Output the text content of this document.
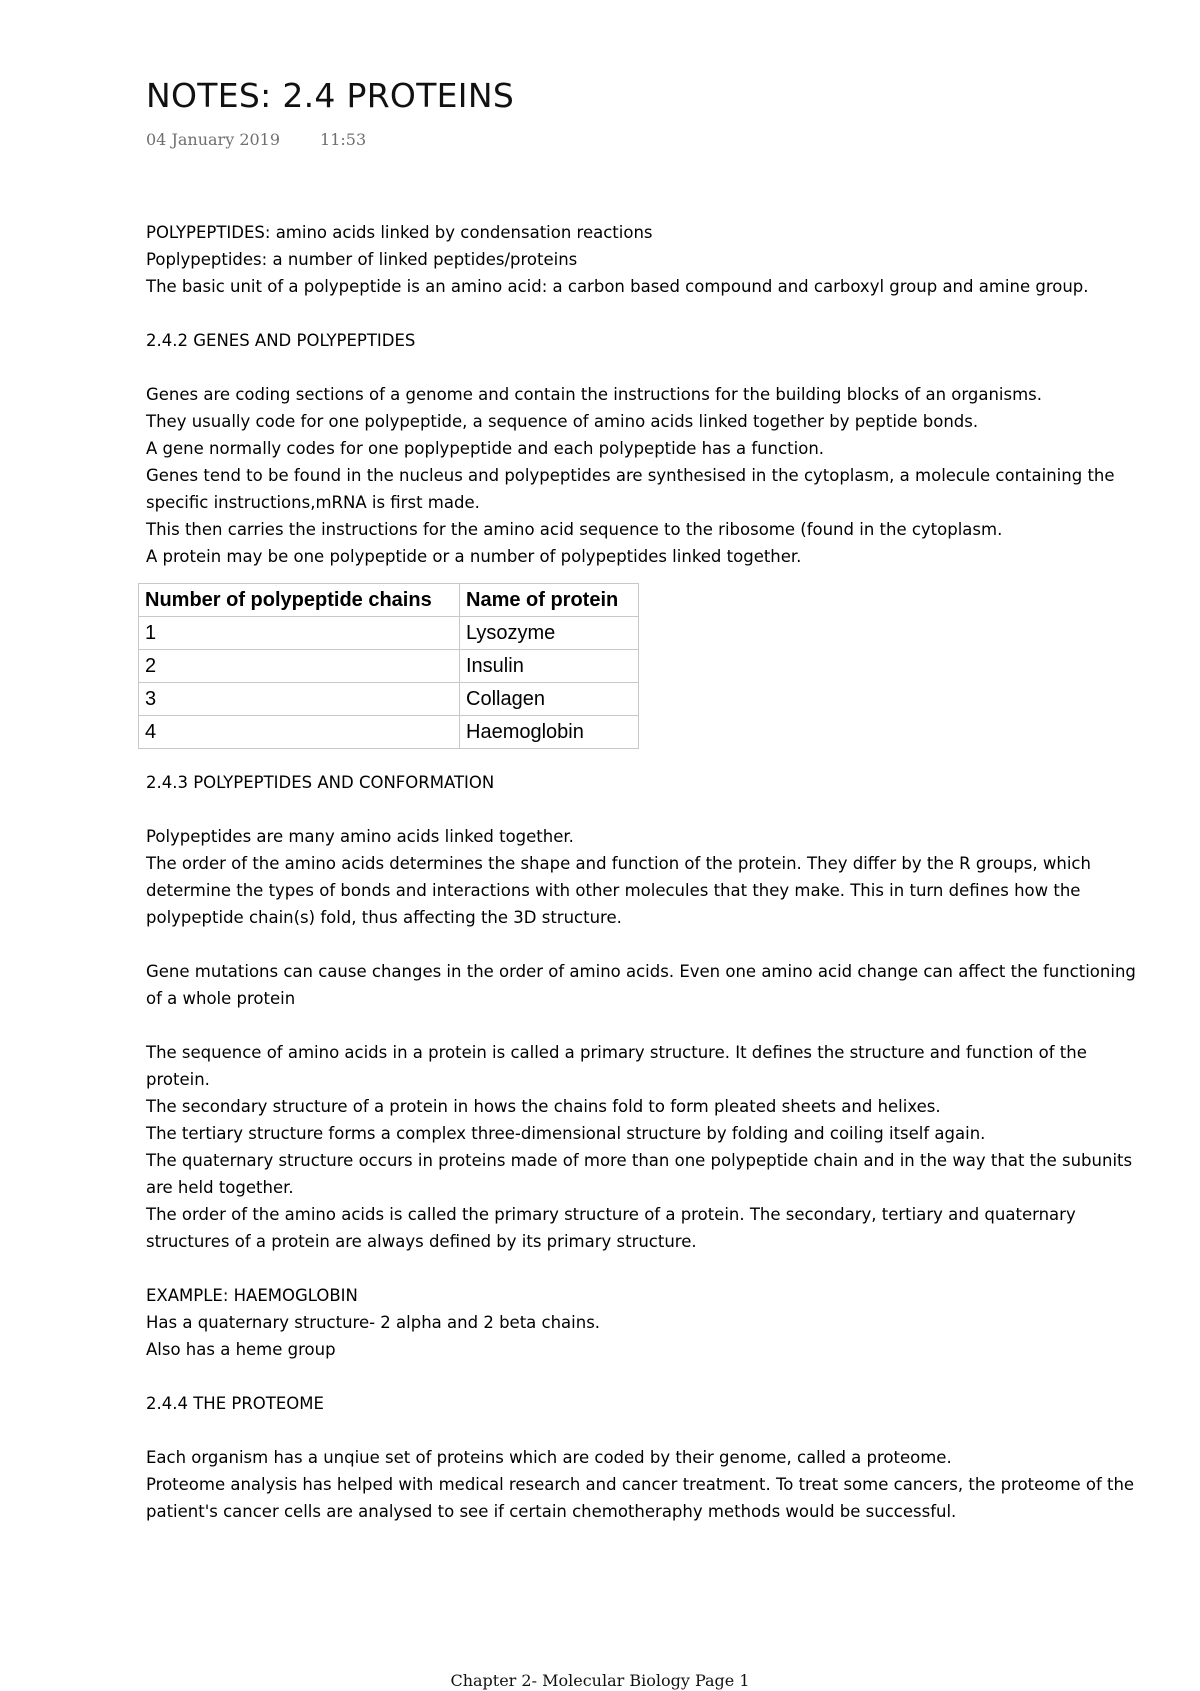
NOTES: 2.4 PROTEINS
04 January 2019	11:53

POLYPEPTIDES: amino acids linked by condensation reactions

Poplypeptides: a number of linked peptides/proteins

The basic unit of a polypeptide is an amino acid: a carbon based compound and carboxyl group and amine group.

2.4.2 GENES AND POLYPEPTIDES

Genes are coding sections of a genome and contain the instructions for the building blocks of an organisms.

They usually code for one polypeptide, a sequence of amino acids linked together by peptide bonds.

A gene normally codes for one poplypeptide and each polypeptide has a function.

Genes tend to be found in the nucleus and polypeptides are synthesised in the cytoplasm, a molecule containing the specific instructions,mRNA is first made.

This then carries the instructions for the amino acid sequence to the ribosome (found in the cytoplasm.

A protein may be one polypeptide or a number of polypeptides linked together.

Number of polypeptide chains	Name of protein
1	Lysozyme
2	Insulin
3	Collagen
4	Haemoglobin

2.4.3 POLYPEPTIDES AND CONFORMATION

Polypeptides are many amino acids linked together.

The order of the amino acids determines the shape and function of the protein. They differ by the R groups, which determine the types of bonds and interactions with other molecules that they make. This in turn defines how the polypeptide chain(s) fold, thus affecting the 3D structure.

Gene mutations can cause changes in the order of amino acids. Even one amino acid change can affect the functioning of a whole protein

The sequence of amino acids in a protein is called a primary structure. It defines the structure and function of the protein.

The secondary structure of a protein in hows the chains fold to form pleated sheets and helixes.

The tertiary structure forms a complex three-dimensional structure by folding and coiling itself again.

The quaternary structure occurs in proteins made of more than one polypeptide chain and in the way that the subunits are held together.

The order of the amino acids is called the primary structure of a protein. The secondary, tertiary and quaternary structures of a protein are always defined by its primary structure.

EXAMPLE: HAEMOGLOBIN

Has a quaternary structure- 2 alpha and 2 beta chains.

Also has a heme group

2.4.4 THE PROTEOME

Each organism has a unqiue set of proteins which are coded by their genome, called a proteome.

Proteome analysis has helped with medical research and cancer treatment. To treat some cancers, the proteome of the patient's cancer cells are analysed to see if certain chemotheraphy methods would be successful.

Chapter 2- Molecular Biology Page 1
